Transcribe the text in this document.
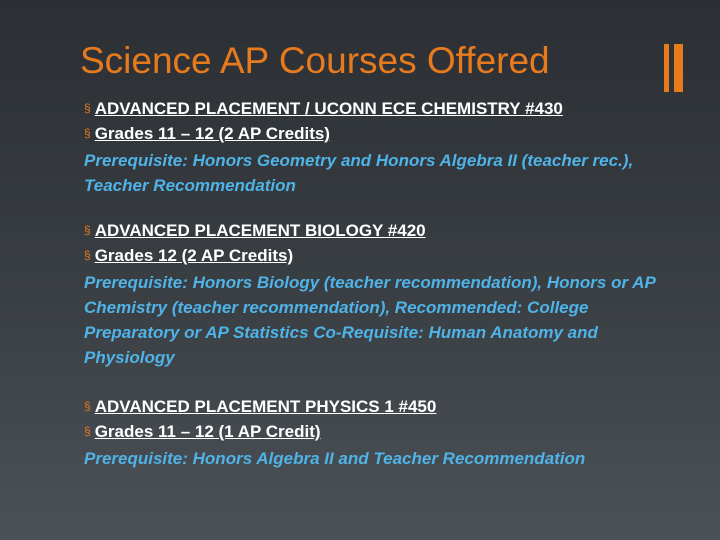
Science AP Courses Offered
§ ADVANCED PLACEMENT / UCONN ECE CHEMISTRY #430
§ Grades 11 – 12 (2 AP Credits)

Prerequisite: Honors Geometry and Honors Algebra II (teacher rec.), Teacher Recommendation

§ ADVANCED PLACEMENT BIOLOGY #420
§ Grades 12 (2 AP Credits)

Prerequisite: Honors Biology (teacher recommendation), Honors or AP Chemistry (teacher recommendation), Recommended: College Preparatory or AP Statistics Co-Requisite: Human Anatomy and Physiology

§ ADVANCED PLACEMENT PHYSICS 1 #450
§ Grades 11 – 12 (1 AP Credit)

Prerequisite: Honors Algebra II and Teacher Recommendation
